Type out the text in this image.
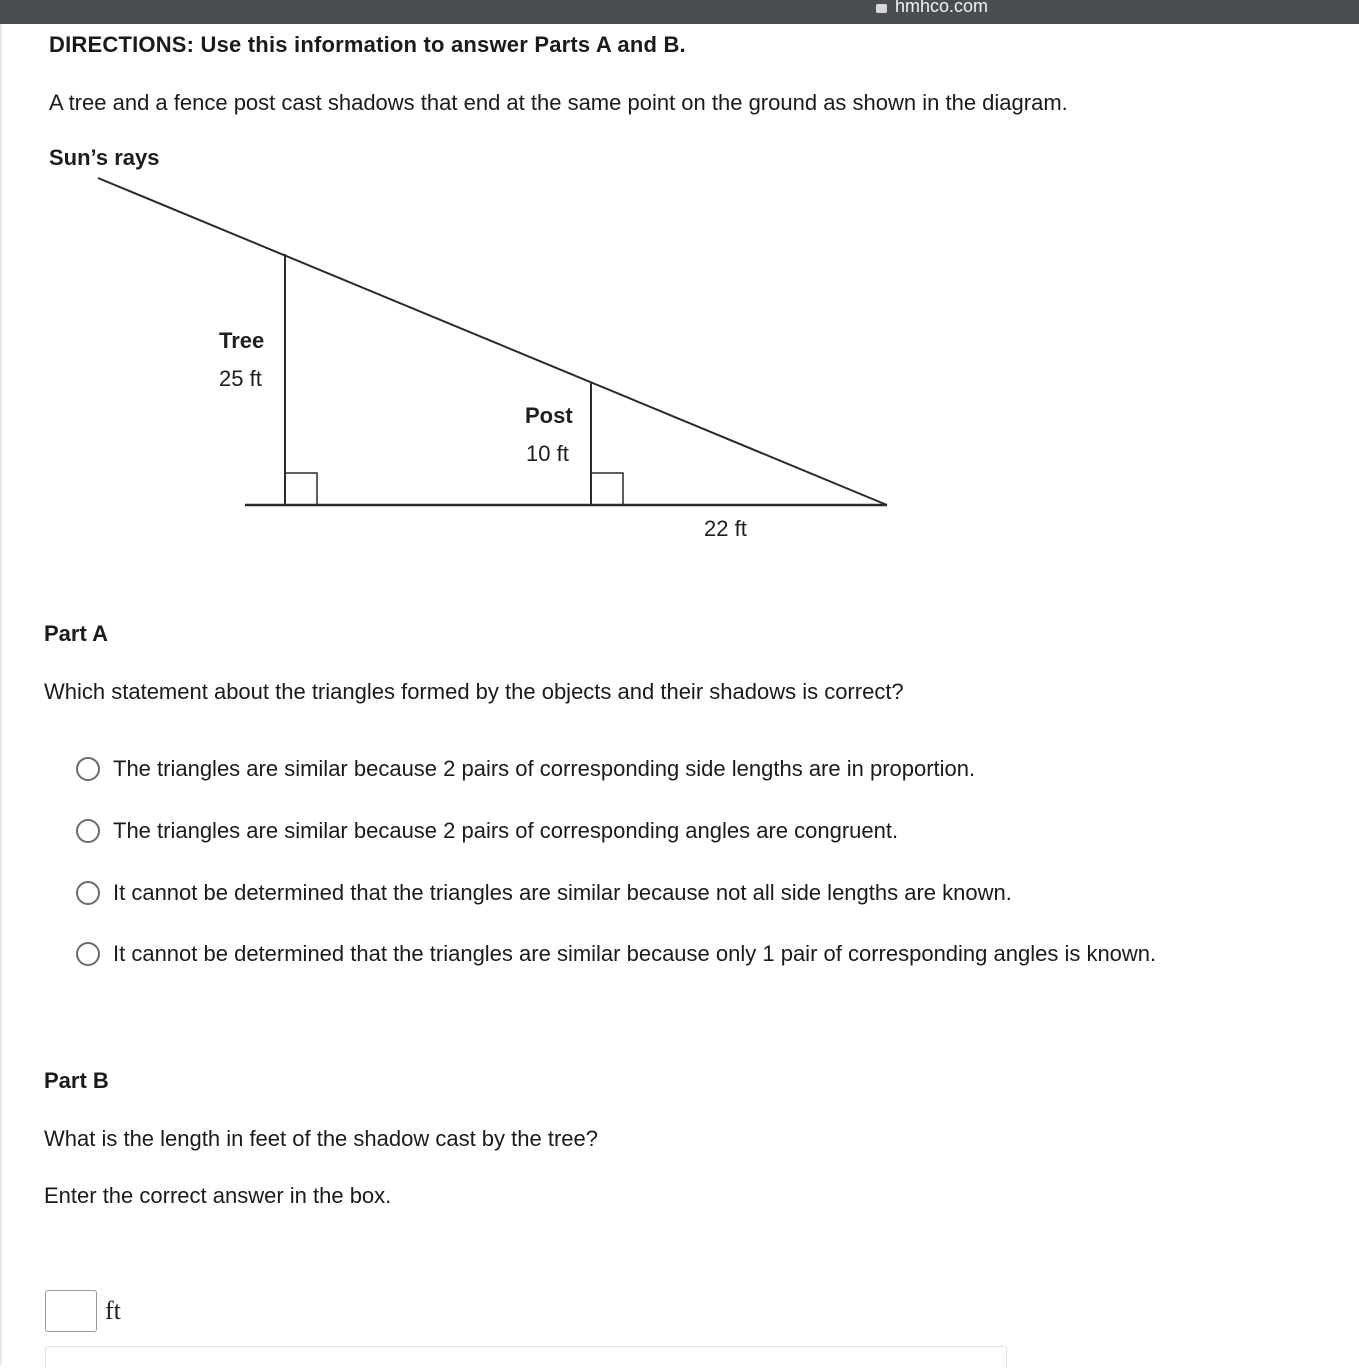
hmhco.com

DIRECTIONS: Use this information to answer Parts A and B.

A tree and a fence post cast shadows that end at the same point on the ground as shown in the diagram.

Sun’s rays
Tree
25 ft
Post
10 ft
22 ft

Part A

Which statement about the triangles formed by the objects and their shadows is correct?

The triangles are similar because 2 pairs of corresponding side lengths are in proportion.
The triangles are similar because 2 pairs of corresponding angles are congruent.
It cannot be determined that the triangles are similar because not all side lengths are known.
It cannot be determined that the triangles are similar because only 1 pair of corresponding angles is known.

Part B

What is the length in feet of the shadow cast by the tree?

Enter the correct answer in the box.

ft
